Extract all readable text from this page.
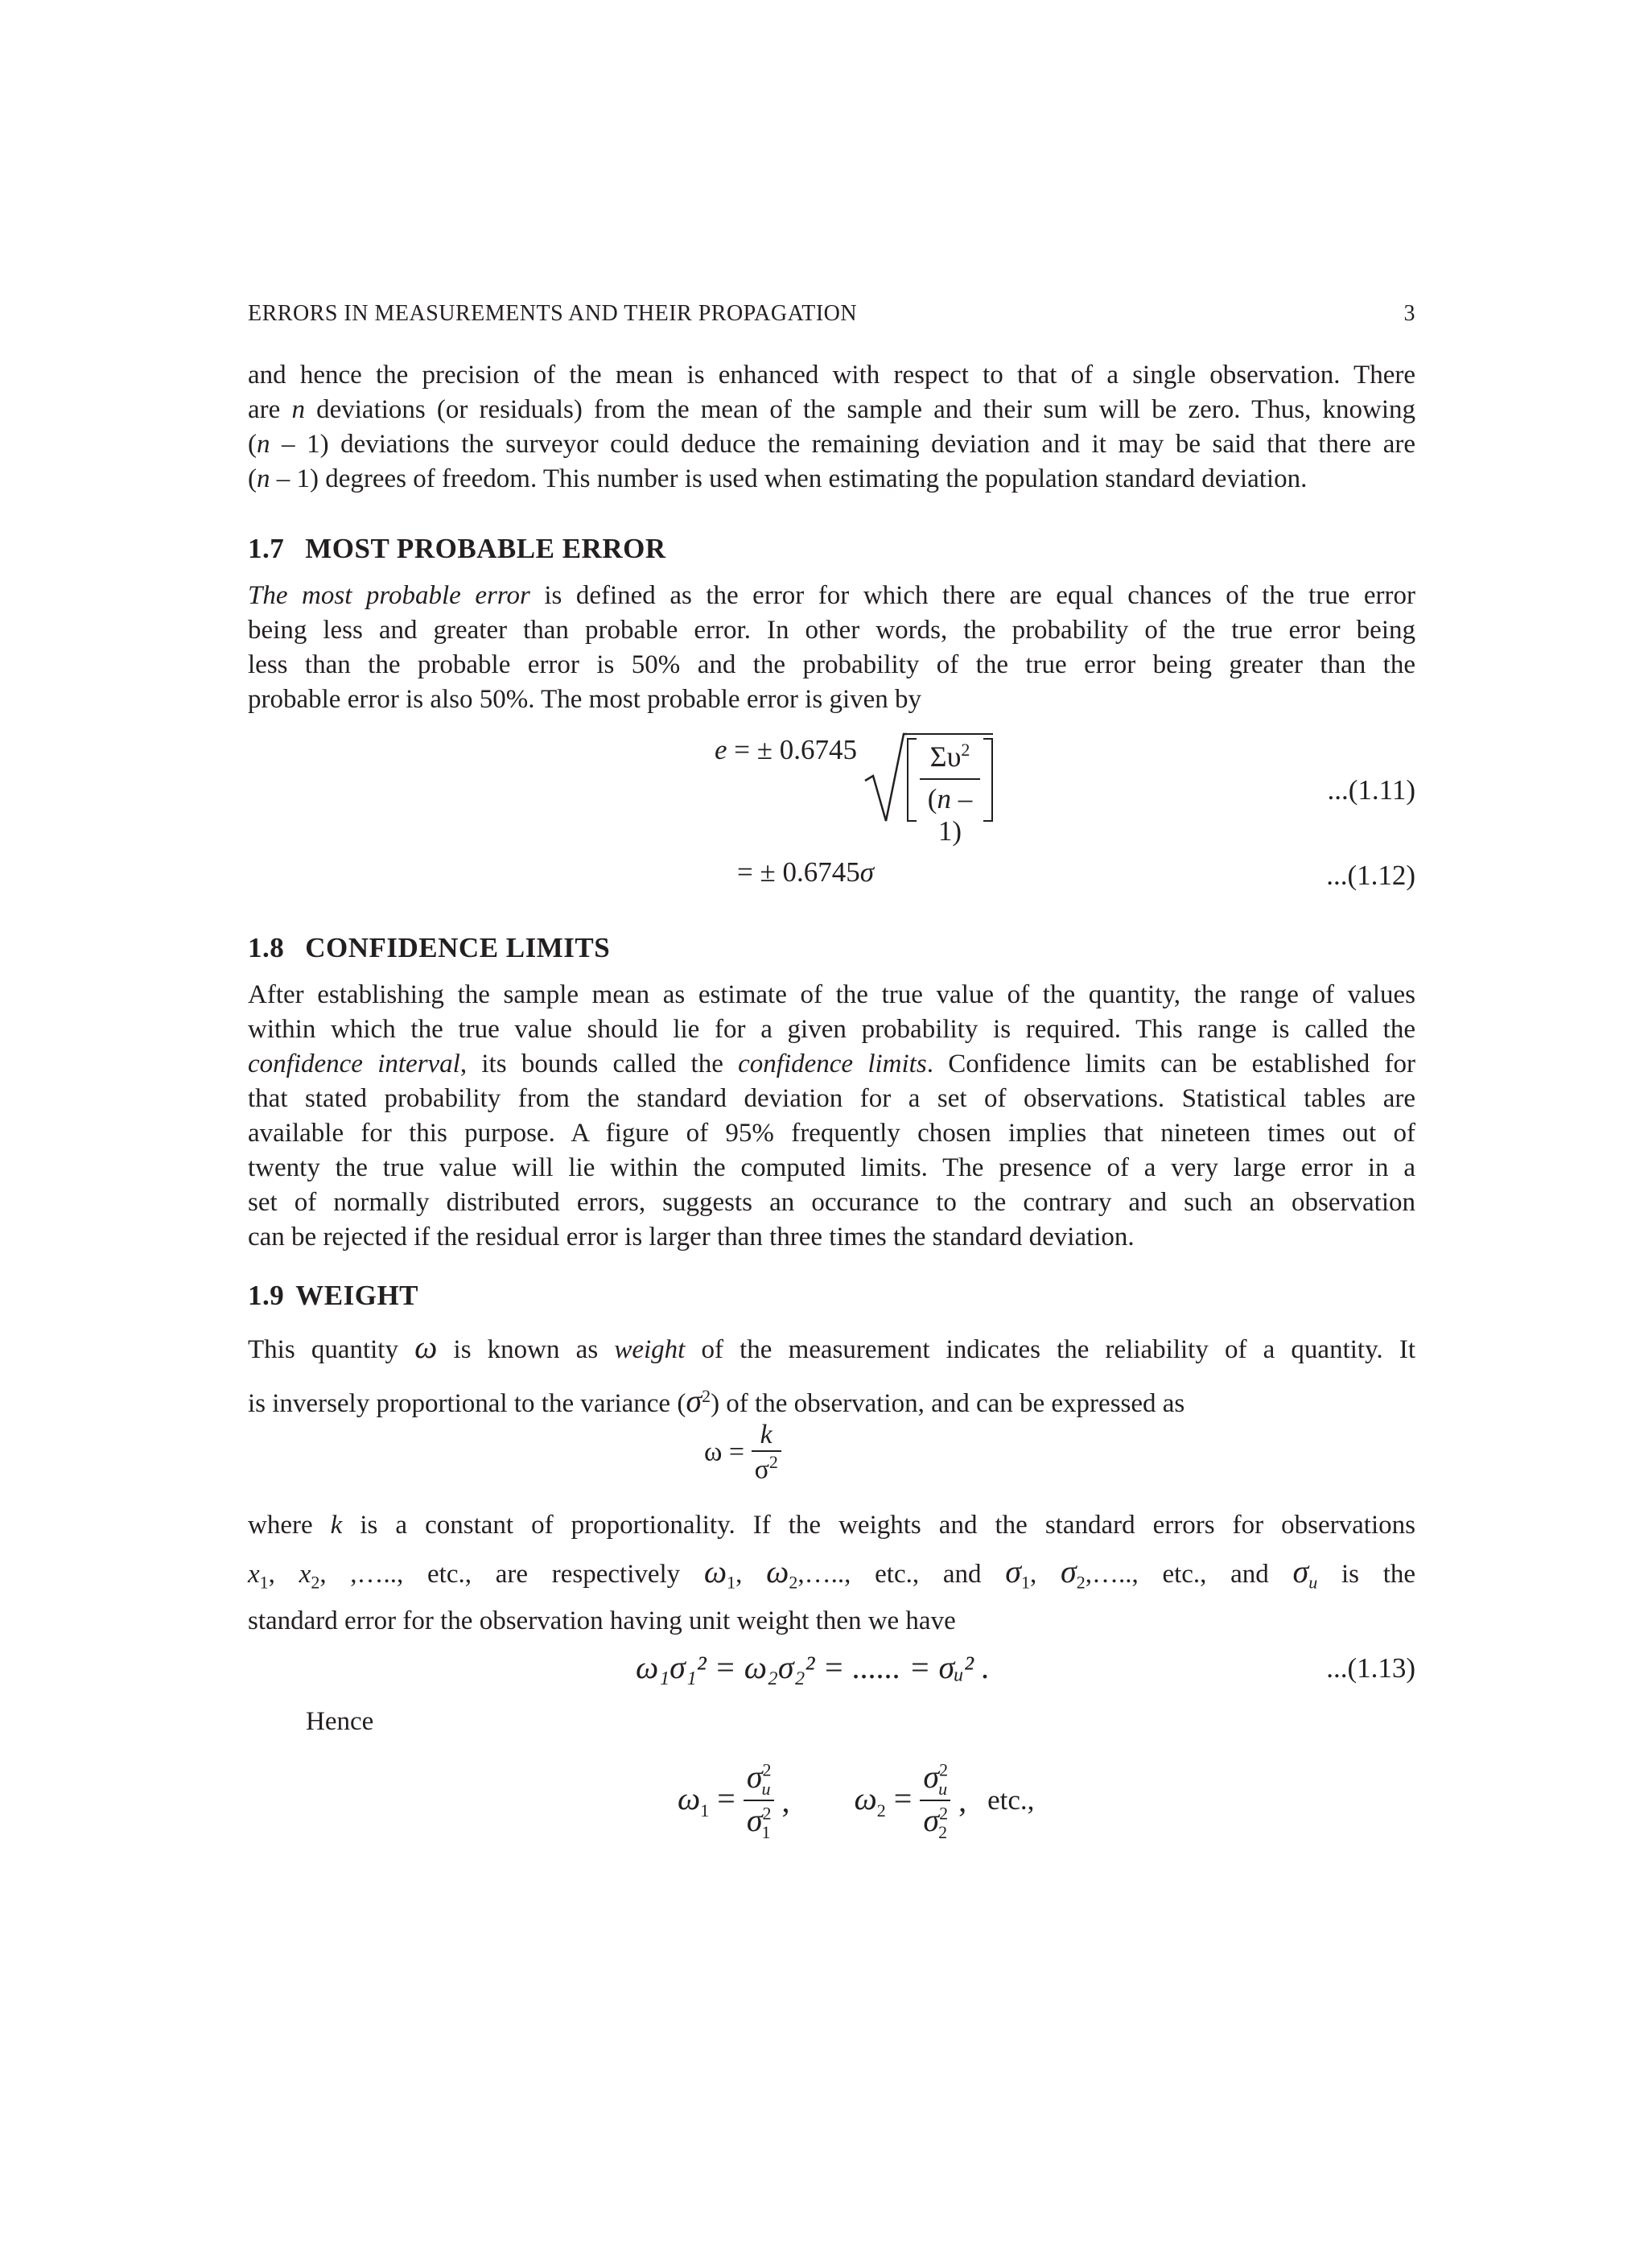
ERRORS IN MEASUREMENTS AND THEIR PROPAGATION	3
and hence the precision of the mean is enhanced with respect to that of a single observation. There
are n deviations (or residuals) from the mean of the sample and their sum will be zero. Thus, knowing
(n – 1) deviations the surveyor could deduce the remaining deviation and it may be said that there are
(n – 1) degrees of freedom. This number is used when estimating the population standard deviation.
1.7 MOST PROBABLE ERROR
The most probable error is defined as the error for which there are equal chances of the true error
being less and greater than probable error. In other words, the probability of the true error being
less than the probable error is 50% and the probability of the true error being greater than the
probable error is also 50%. The most probable error is given by
e = ± 0.6745	$\Sigma\upsilon^2$
(n – 1)
...(1.11)
= ± 0.6745σ	...(1.12)
1.8 CONFIDENCE LIMITS
After establishing the sample mean as estimate of the true value of the quantity, the range of values
within which the true value should lie for a given probability is required. This range is called the
confidence interval, its bounds called the confidence limits. Confidence limits can be established for
that stated probability from the standard deviation for a set of observations. Statistical tables are
available for this purpose. A figure of 95% frequently chosen implies that nineteen times out of
twenty the true value will lie within the computed limits. The presence of a very large error in a
set of normally distributed errors, suggests an occurance to the contrary and such an observation
can be rejected if the residual error is larger than three times the standard deviation.
1.9 WEIGHT
This quantity ω is known as weight of the measurement indicates the reliability of a quantity. It
is inversely proportional to the variance $(\sigma^2)$ of the observation, and can be expressed as
$\omega = \frac{k}{\sigma^2}$
where k is a constant of proportionality. If the weights and the standard errors for observations
$x_1$, $x_2$, ,….., etc., are respectively $\omega_1$, $\omega_2,\dots$.., etc., and $\sigma_1$, $\sigma_2,\dots$.., etc., and $\sigma_u$ is the
standard error for the observation having unit weight then we have
ω₁σ₁² = ω₂σ₂² = ...... = σᵤ² .	...(1.13)
Hence
$\omega_1 = \frac{\sigma^2_u}{\sigma^2_1}$ , $\omega_2 = \frac{\sigma^2_u}{\sigma^2_2}$ , etc.,
